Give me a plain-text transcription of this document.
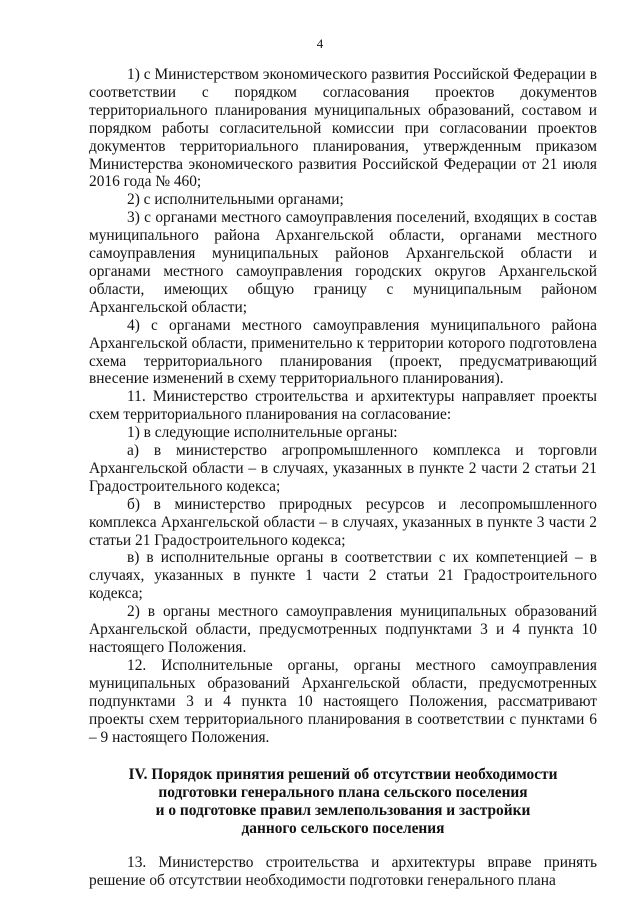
4

1) с Министерством экономического развития Российской Федерации в соответствии с порядком согласования проектов документов территориального планирования муниципальных образований, составом и порядком работы согласительной комиссии при согласовании проектов документов территориального планирования, утвержденным приказом Министерства экономического развития Российской Федерации от 21 июля 2016 года № 460;

2) с исполнительными органами;

3) с органами местного самоуправления поселений, входящих в состав муниципального района Архангельской области, органами местного самоуправления муниципальных районов Архангельской области и органами местного самоуправления городских округов Архангельской области, имеющих общую границу с муниципальным районом Архангельской области;

4) с органами местного самоуправления муниципального района Архангельской области, применительно к территории которого подготовлена схема территориального планирования (проект, предусматривающий внесение изменений в схему территориального планирования).

11. Министерство строительства и архитектуры направляет проекты схем территориального планирования на согласование:

1) в следующие исполнительные органы:

а) в министерство агропромышленного комплекса и торговли Архангельской области – в случаях, указанных в пункте 2 части 2 статьи 21 Градостроительного кодекса;

б) в министерство природных ресурсов и лесопромышленного комплекса Архангельской области – в случаях, указанных в пункте 3 части 2 статьи 21 Градостроительного кодекса;

в) в исполнительные органы в соответствии с их компетенцией – в случаях, указанных в пункте 1 части 2 статьи 21 Градостроительного кодекса;

2) в органы местного самоуправления муниципальных образований Архангельской области, предусмотренных подпунктами 3 и 4 пункта 10 настоящего Положения.

12. Исполнительные органы, органы местного самоуправления муниципальных образований Архангельской области, предусмотренных подпунктами 3 и 4 пункта 10 настоящего Положения, рассматривают проекты схем территориального планирования в соответствии с пунктами 6 – 9 настоящего Положения.

IV. Порядок принятия решений об отсутствии необходимости
подготовки генерального плана сельского поселения
и о подготовке правил землепользования и застройки
данного сельского поселения

13. Министерство строительства и архитектуры вправе принять решение об отсутствии необходимости подготовки генерального плана
